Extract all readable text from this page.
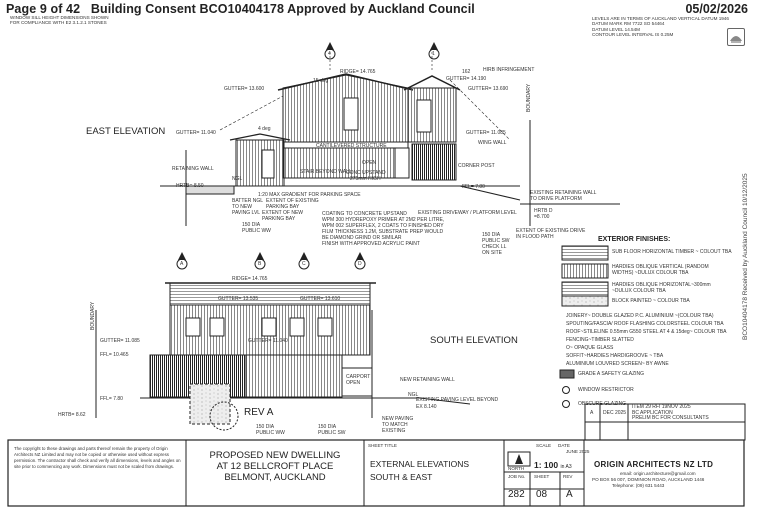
Page 9 of 42 Building Consent BCO10404178 Approved by Auckland Council	05/02/2026
WINDOW SILL HEIGHT DIMENSIONS SHOWN
FOR COMPLIANCE WITH E2 3.1.2.1 STONES
LEVELS ARE IN TERMS OF AUCKLAND VERTICAL DATUM 1946
DATUM MARK RM 7722 SO 54464
DATUM LEVEL 14.54M
CONTOUR LEVEL INTERVAL IS 0.25M
BCO10404178 Received by Auckland Council 10/12/2025
EAST ELEVATION
RIDGE= 14.765
15 deg
4 deg
GUTTER= 13.600
GUTTER= 14.190
GUTTER= 13.690
GUTTER= 11.040	GUTTER= 11.085
HIRB INFRINGEMENT
162
WING WALL
CANTILEVERED STRUCTURE
STAIR BEYOND WALL
OPEN
CONC UPSTAND
275mm HIGH
CORNER POST
RETAINING WALL
NGL
HRTB= 8.50	FFL= 7.80
EXISTING RETAINING WALL TO DRIVE PLATFORM
1:20 MAX GRADIENT FOR PARKING SPACE
EXTENT OF EXISTING PARKING BAY
EXTENT OF NEW PARKING BAY
BATTER NGL TO NEW PAVING LVL
150 DIA PUBLIC WW
COATING TO CONCRETE UPSTAND
WPM 300 HYDREPOXY PRIMER AT 2M2 PER LITRE,
WPM 002 SUPERFLEX, 2 COATS TO FINISHED DRY
FILM THICKNESS 1.2M, SUBSTRATE PREP WOULD
BE DIAMOND GRIND OR SIMILAR
FINISH WITH APPROVED ACRYLIC PAINT
EXISTING DRIVEWAY / PLATFORM LEVEL
150 DIA PUBLIC SW
CHECK LL ON SITE
EXTENT OF EXISTING DRIVE IN FLOOD PATH
HRTB D =8.700
BOUNDARY
EXTERIOR FINISHES:
SUB FLOOR HORIZONTAL TIMBER ~ COLOUT TBA
HARDIES OBLIQUE VERTICAL (RANDOM WIDTHS) ~DULUX COLOUR TBA
HARDIES OBLIQUE HORIZONTAL~300mm ~DULUX COLOUR TBA
BLOCK PAINTED ~ COLOUR TBA
JOINERY~ DOUBLE GLAZED P.C. ALUMINIUM ~(COLOUR TBA)
SPOUTING/FASCIA/ ROOF FLASHING COLORSTEEL COLOUR TBA
ROOF~STILELINE 0.55mm G550 STEEL AT 4 & 15deg~ COLOUR TBA
FENCING~TIMBER SLATTED
O~ OPAQUE GLASS
SOFFIT~HARDIES HARDIGROOVE ~ TBA
ALUMINIUM LOUVRED SCREEN~ BY AWNE
GRADE A SAFETY GLAZING
WINDOW RESTRICTOR
OBSCURE GLAZING
SOUTH ELEVATION
RIDGE= 14.765
GUTTER= 13.535	GUTTER= 13.610
GUTTER= 11.085	GUTTER= 11.040
FFL= 10.465
FFL= 7.80
CARPORT OPEN	NEW RETAINING WALL
NGL
EXISTING PAVING LEVEL BEYOND
EX 8.140
NEW PAVING TO MATCH EXISTING
150 DIA PUBLIC WW
150 DIA PUBLIC SW
HRTB= 8.62
BOUNDARY
REV A	A DEC 2025
ITEM 29 RFI 19NOV 2025
BC APPLICATION
PRELIM BC FOR CONSULTANTS
The copyright to these drawings and parts thereof remain the property of Origin Architects NZ Limited and may not be copied or otherwise used without express permission. The contractor shall check and verify all dimensions, levels and angles on site prior to commencing any work. Dimensions must not be scaled from drawings.
PROPOSED NEW DWELLING
AT 12 BELLCROFT PLACE
BELMONT, AUCKLAND
SHEET TITLE
EXTERNAL ELEVATIONS
SOUTH & EAST
NORTH
SCALE DATE
JUNE 2025
1: 100 in A3
JOB No. SHEET	REV
282 08 A
ORIGIN ARCHITECTS NZ LTD
email: origin.architecture@gmail.com
PO BOX 56 007, DOMINION ROAD, AUCKLAND 1446
Telephone: (09) 631 5443
4	1
A	B	C	D
